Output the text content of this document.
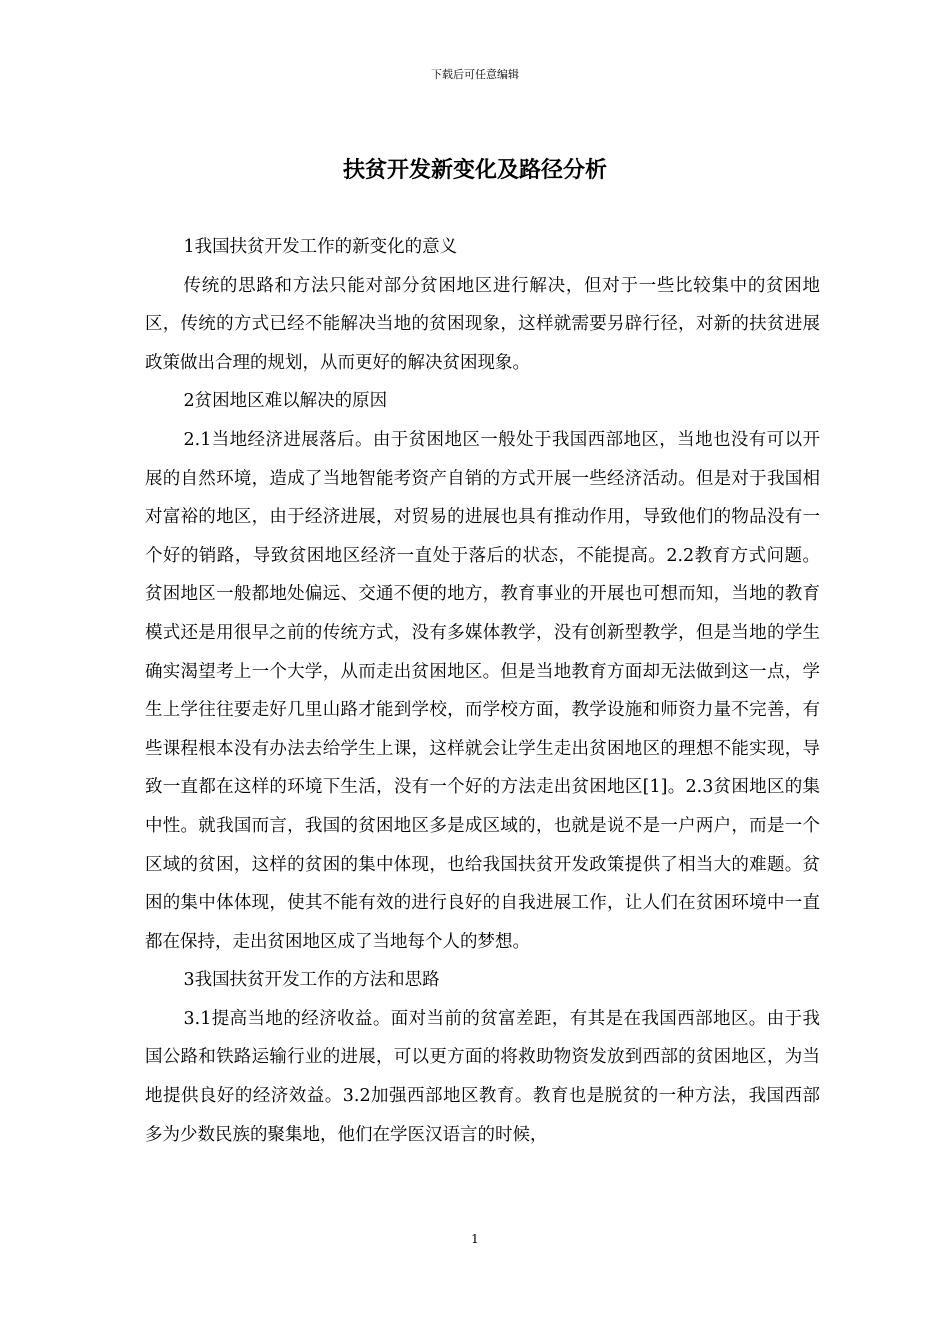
下载后可任意编辑
扶贫开发新变化及路径分析

1我国扶贫开发工作的新变化的意义

传统的思路和方法只能对部分贫困地区进行解决，但对于一些比较集中的贫困地区，传统的方式已经不能解决当地的贫困现象，这样就需要另辟行径，对新的扶贫进展政策做出合理的规划，从而更好的解决贫困现象。

2贫困地区难以解决的原因

2.1当地经济进展落后。由于贫困地区一般处于我国西部地区，当地也没有可以开展的自然环境，造成了当地智能考资产自销的方式开展一些经济活动。但是对于我国相对富裕的地区，由于经济进展，对贸易的进展也具有推动作用，导致他们的物品没有一个好的销路，导致贫困地区经济一直处于落后的状态，不能提高。2.2教育方式问题。贫困地区一般都地处偏远、交通不便的地方，教育事业的开展也可想而知，当地的教育模式还是用很早之前的传统方式，没有多媒体教学，没有创新型教学，但是当地的学生确实渴望考上一个大学，从而走出贫困地区。但是当地教育方面却无法做到这一点，学生上学往往要走好几里山路才能到学校，而学校方面，教学设施和师资力量不完善，有些课程根本没有办法去给学生上课，这样就会让学生走出贫困地区的理想不能实现，导致一直都在这样的环境下生活，没有一个好的方法走出贫困地区[1]。2.3贫困地区的集中性。就我国而言，我国的贫困地区多是成区域的，也就是说不是一户两户，而是一个区域的贫困，这样的贫困的集中体现，也给我国扶贫开发政策提供了相当大的难题。贫困的集中体体现，使其不能有效的进行良好的自我进展工作，让人们在贫困环境中一直都在保持，走出贫困地区成了当地每个人的梦想。

3我国扶贫开发工作的方法和思路

3.1提高当地的经济收益。面对当前的贫富差距，有其是在我国西部地区。由于我国公路和铁路运输行业的进展，可以更方面的将救助物资发放到西部的贫困地区，为当地提供良好的经济效益。3.2加强西部地区教育。教育也是脱贫的一种方法，我国西部多为少数民族的聚集地，他们在学医汉语言的时候，

1
